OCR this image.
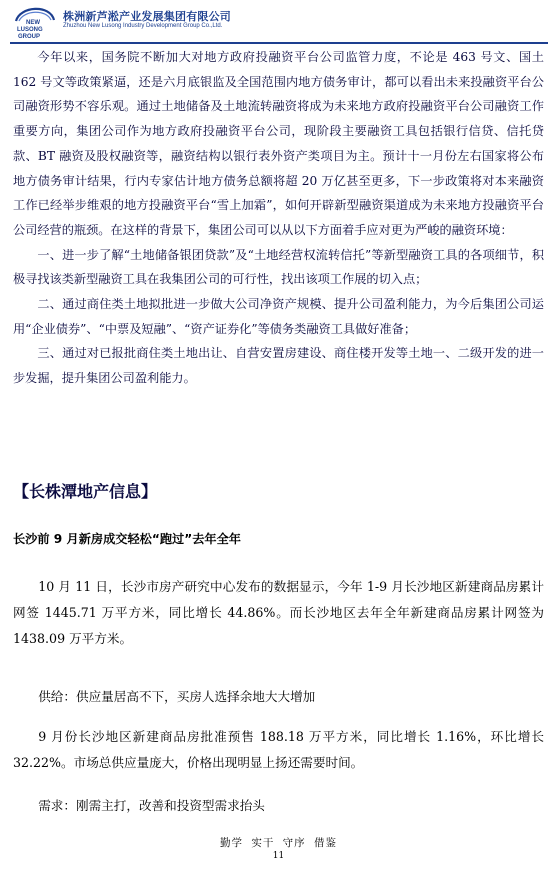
NEW
LUSONG
GROUP
株洲新芦淞产业发展集团有限公司
Zhuzhou New Lusong Industry Development Group Co.,Ltd.

今年以来，国务院不断加大对地方政府投融资平台公司监管力度，不论是 463 号文、国土 162 号文等政策紧逼，还是六月底银监及全国范围内地方债务审计，都可以看出未来投融资平台公司融资形势不容乐观。通过土地储备及土地流转融资将成为未来地方政府投融资平台公司融资工作重要方向，集团公司作为地方政府投融资平台公司，现阶段主要融资工具包括银行信贷、信托贷款、BT 融资及股权融资等，融资结构以银行表外资产类项目为主。预计十一月份左右国家将公布地方债务审计结果，行内专家估计地方债务总额将超 20 万亿甚至更多，下一步政策将对本来融资工作已经举步维艰的地方投融资平台“雪上加霜”，如何开辟新型融资渠道成为未来地方投融资平台公司经营的瓶颈。在这样的背景下，集团公司可以从以下方面着手应对更为严峻的融资环境：

一、进一步了解“土地储备银团贷款”及“土地经营权流转信托”等新型融资工具的各项细节，积极寻找该类新型融资工具在我集团公司的可行性，找出该项工作展的切入点；

二、通过商住类土地拟批进一步做大公司净资产规模、提升公司盈利能力，为今后集团公司运用“企业债券”、“中票及短融”、“资产证券化”等债务类融资工具做好准备；

三、通过对已报批商住类土地出让、自营安置房建设、商住楼开发等土地一、二级开发的进一步发掘，提升集团公司盈利能力。

【长株潭地产信息】
长沙前 9 月新房成交轻松“跑过”去年全年

10 月 11 日，长沙市房产研究中心发布的数据显示，今年 1-9 月长沙地区新建商品房累计网签 1445.71 万平方米，同比增长 44.86%。而长沙地区去年全年新建商品房累计网签为 1438.09 万平方米。

供给：供应量居高不下，买房人选择余地大大增加

9 月份长沙地区新建商品房批准预售 188.18 万平方米，同比增长 1.16%，环比增长 32.22%。市场总供应量庞大，价格出现明显上扬还需要时间。

需求：刚需主打，改善和投资型需求抬头
勤学 实干 守序 借鉴
11
